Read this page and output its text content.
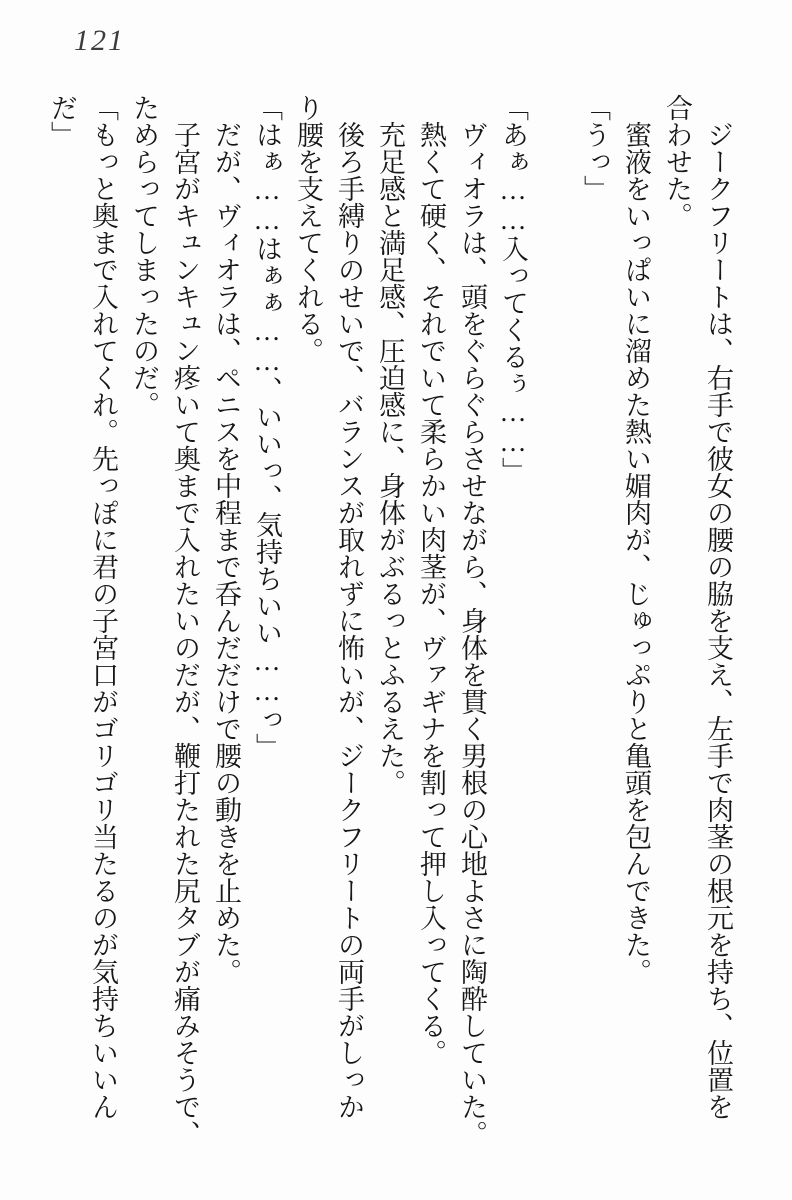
121

　ジークフリートは、右手で彼女の腰の脇を支え、左手で肉茎の根元を持ち、位置を

合わせた。

　蜜液をいっぱいに溜めた熱い媚肉が、じゅっぷりと亀頭を包んできた。

「うっ」

「あぁ……入ってくるぅ……」

　ヴィオラは、頭をぐらぐらさせながら、身体を貫く男根の心地よさに陶酔していた。

　熱くて硬く、それでいて柔らかい肉茎が、ヴァギナを割って押し入ってくる。

　充足感と満足感、圧迫感に、身体がぶるっとふるえた。

　後ろ手縛りのせいで、バランスが取れずに怖いが、ジークフリートの両手がしっか

り腰を支えてくれる。

「はぁ……はぁぁ……、いいっ、気持ちいい……っ」

　だが、ヴィオラは、ペニスを中程まで呑んだだけで腰の動きを止めた。

　子宮がキュンキュン疼いて奥まで入れたいのだが、鞭打たれた尻タブが痛みそうで、

ためらってしまったのだ。

「もっと奥まで入れてくれ。先っぽに君の子宮口がゴリゴリ当たるのが気持ちいいん

だ」
